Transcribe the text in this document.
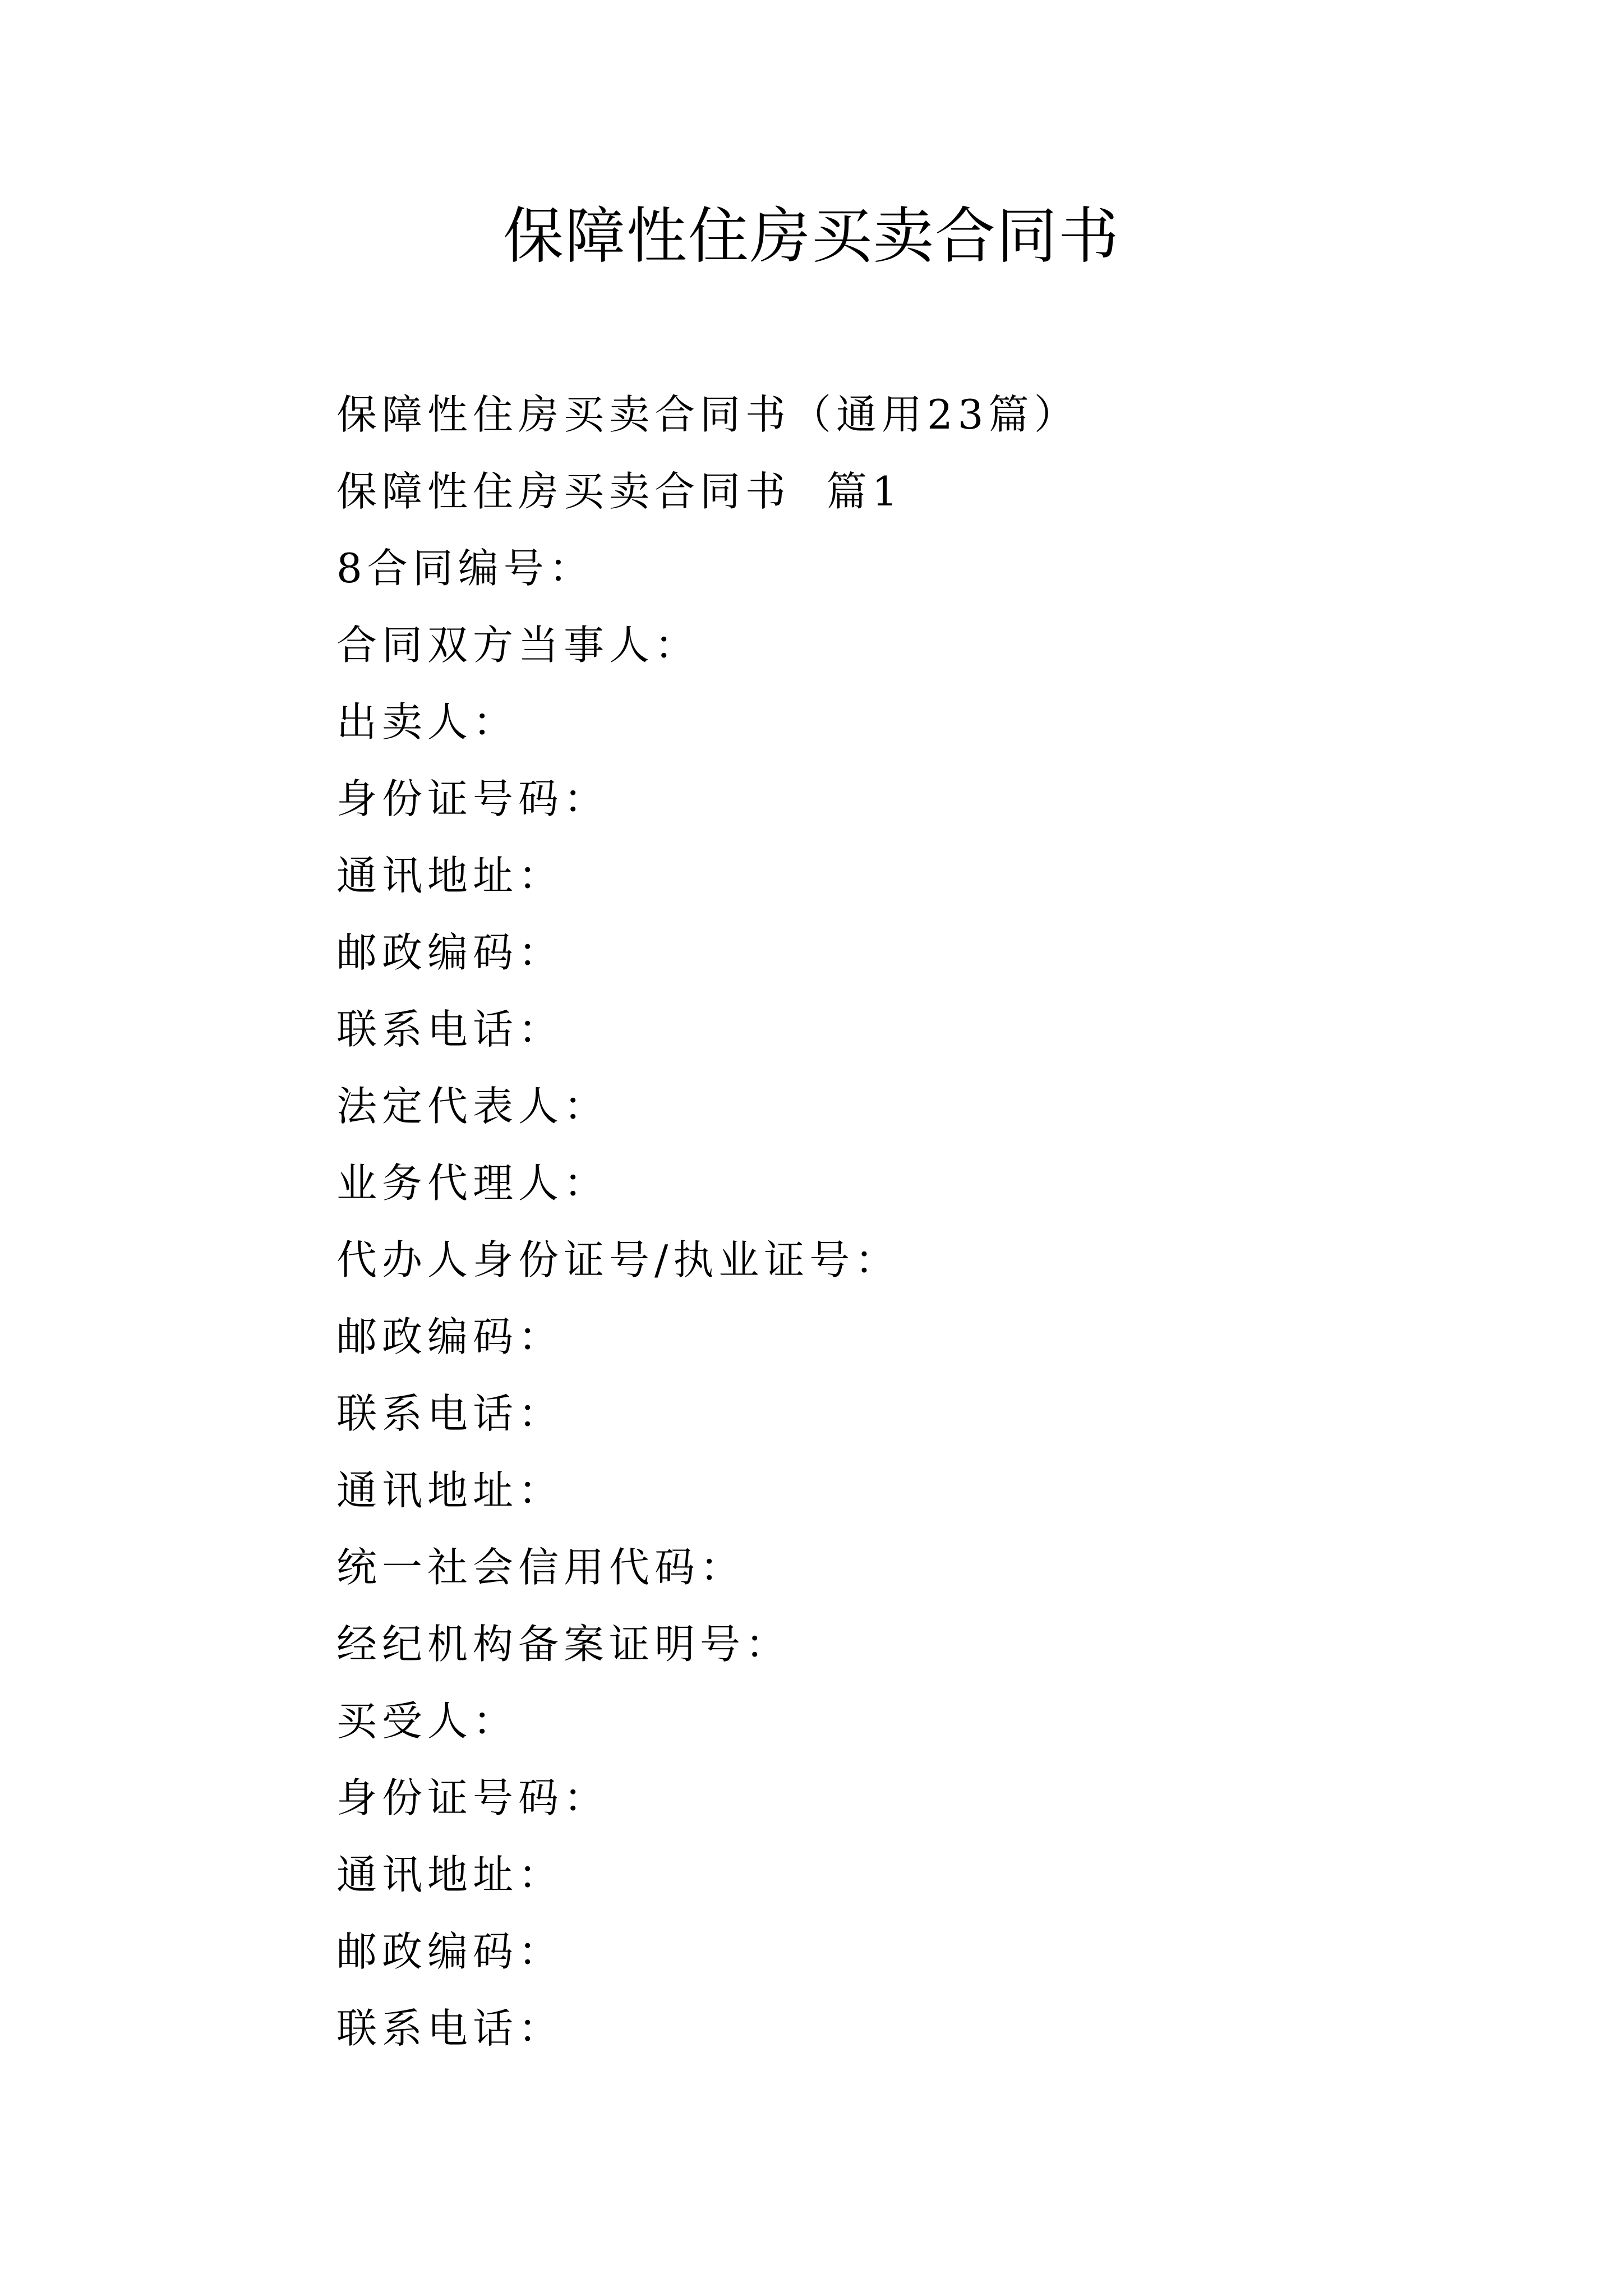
保障性住房买卖合同书
保障性住房买卖合同书（通用23篇）
保障性住房买卖合同书  篇1
8合同编号：
合同双方当事人：
出卖人：
身份证号码：
通讯地址：
邮政编码：
联系电话：
法定代表人：
业务代理人：
代办人身份证号/执业证号：
邮政编码：
联系电话：
通讯地址：
统一社会信用代码：
经纪机构备案证明号：
买受人：
身份证号码：
通讯地址：
邮政编码：
联系电话：
